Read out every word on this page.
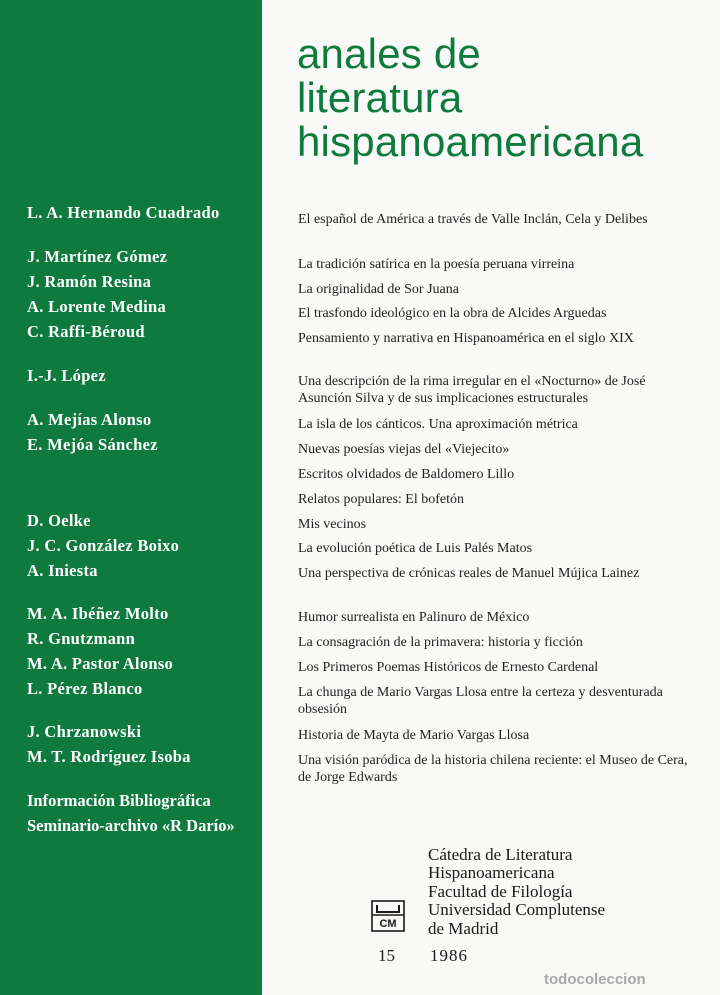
L. A. Hernando Cuadrado
J. Martínez Gómez
J. Ramón Resina
A. Lorente Medina
C. Raffi-Béroud
I.-J. López
A. Mejías Alonso
E. Mejóa Sánchez
D. Oelke
J. C. González Boixo
A. Iniesta
M. A. Ibéñez Molto
R. Gnutzmann
M. A. Pastor Alonso
L. Pérez Blanco
J. Chrzanowski
M. T. Rodríguez Isoba
Información Bibliográfica
Seminario-archivo «R Darío»
anales de
literatura
hispanoamericana
El español de América a través de Valle Inclán, Cela y Delibes
La tradición satírica en la poesía peruana virreina
La originalidad de Sor Juana
El trasfondo ideológico en la obra de Alcides Arguedas
Pensamiento y narrativa en Hispanoamérica en el siglo XIX
Una descripción de la rima irregular en el «Nocturno» de José Asunción Silva y de sus implicaciones estructurales
La isla de los cánticos. Una aproximación métrica
Nuevas poesías viejas del «Viejecito»
Escritos olvidados de Baldomero Lillo
Relatos populares: El bofetón
Mis vecinos
La evolución poética de Luis Palés Matos
Una perspectiva de crónicas reales de Manuel Mújica Lainez
Humor surrealista en Palinuro de México
La consagración de la primavera: historia y ficción
Los Primeros Poemas Históricos de Ernesto Cardenal
La chunga de Mario Vargas Llosa entre la certeza y desventurada obsesión
Historia de Mayta de Mario Vargas Llosa
Una visión paródica de la historia chilena reciente: el Museo de Cera, de Jorge Edwards
Cátedra de Literatura
Hispanoamericana
Facultad de Filología
Universidad Complutense
de Madrid
CM
15 1986
todocoleccion
